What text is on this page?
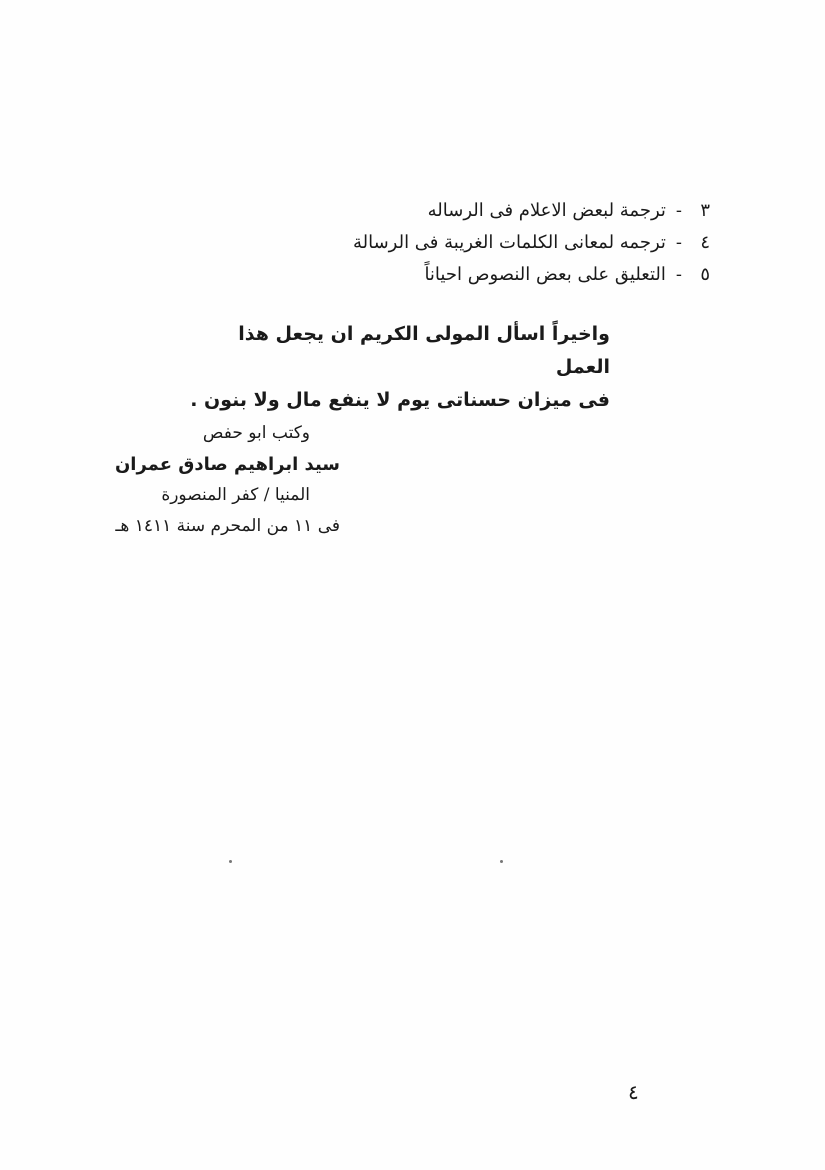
٣-ترجمة لبعض الاعلام فى الرساله
٤-ترجمه لمعانى الكلمات الغريبة فى الرسالة
٥-التعليق على بعض النصوص احياناً
واخيراً اسأل المولى الكريم ان يجعل هذا العمل
فى ميزان حسناتى يوم لا ينفع مال ولا بنون .
وكتب ابو حفص
سيد ابراهيم صادق عمران
المنيا / كفر المنصورة
فى ١١ من المحرم سنة ١٤١١ هـ
٤
